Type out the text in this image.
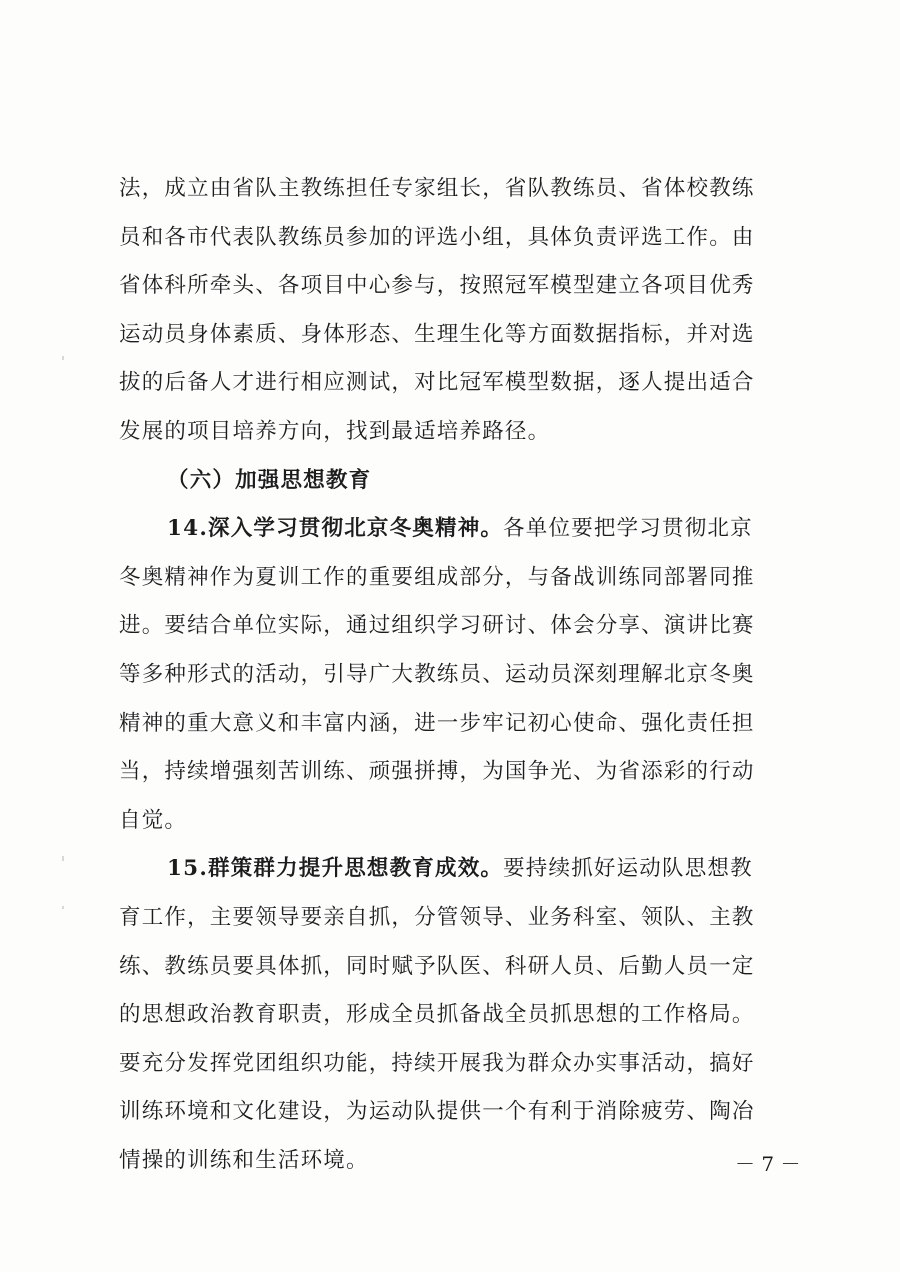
法，成立由省队主教练担任专家组长，省队教练员、省体校教练
员和各市代表队教练员参加的评选小组，具体负责评选工作。由
省体科所牵头、各项目中心参与，按照冠军模型建立各项目优秀
运动员身体素质、身体形态、生理生化等方面数据指标，并对选
拔的后备人才进行相应测试，对比冠军模型数据，逐人提出适合
发展的项目培养方向，找到最适培养路径。
（六）加强思想教育
14.深入学习贯彻北京冬奥精神。各单位要把学习贯彻北京
冬奥精神作为夏训工作的重要组成部分，与备战训练同部署同推
进。要结合单位实际，通过组织学习研讨、体会分享、演讲比赛
等多种形式的活动，引导广大教练员、运动员深刻理解北京冬奥
精神的重大意义和丰富内涵，进一步牢记初心使命、强化责任担
当，持续增强刻苦训练、顽强拼搏，为国争光、为省添彩的行动
自觉。
15.群策群力提升思想教育成效。要持续抓好运动队思想教
育工作，主要领导要亲自抓，分管领导、业务科室、领队、主教
练、教练员要具体抓，同时赋予队医、科研人员、后勤人员一定
的思想政治教育职责，形成全员抓备战全员抓思想的工作格局。
要充分发挥党团组织功能，持续开展我为群众办实事活动，搞好
训练环境和文化建设，为运动队提供一个有利于消除疲劳、陶冶
情操的训练和生活环境。	－ 7 －
